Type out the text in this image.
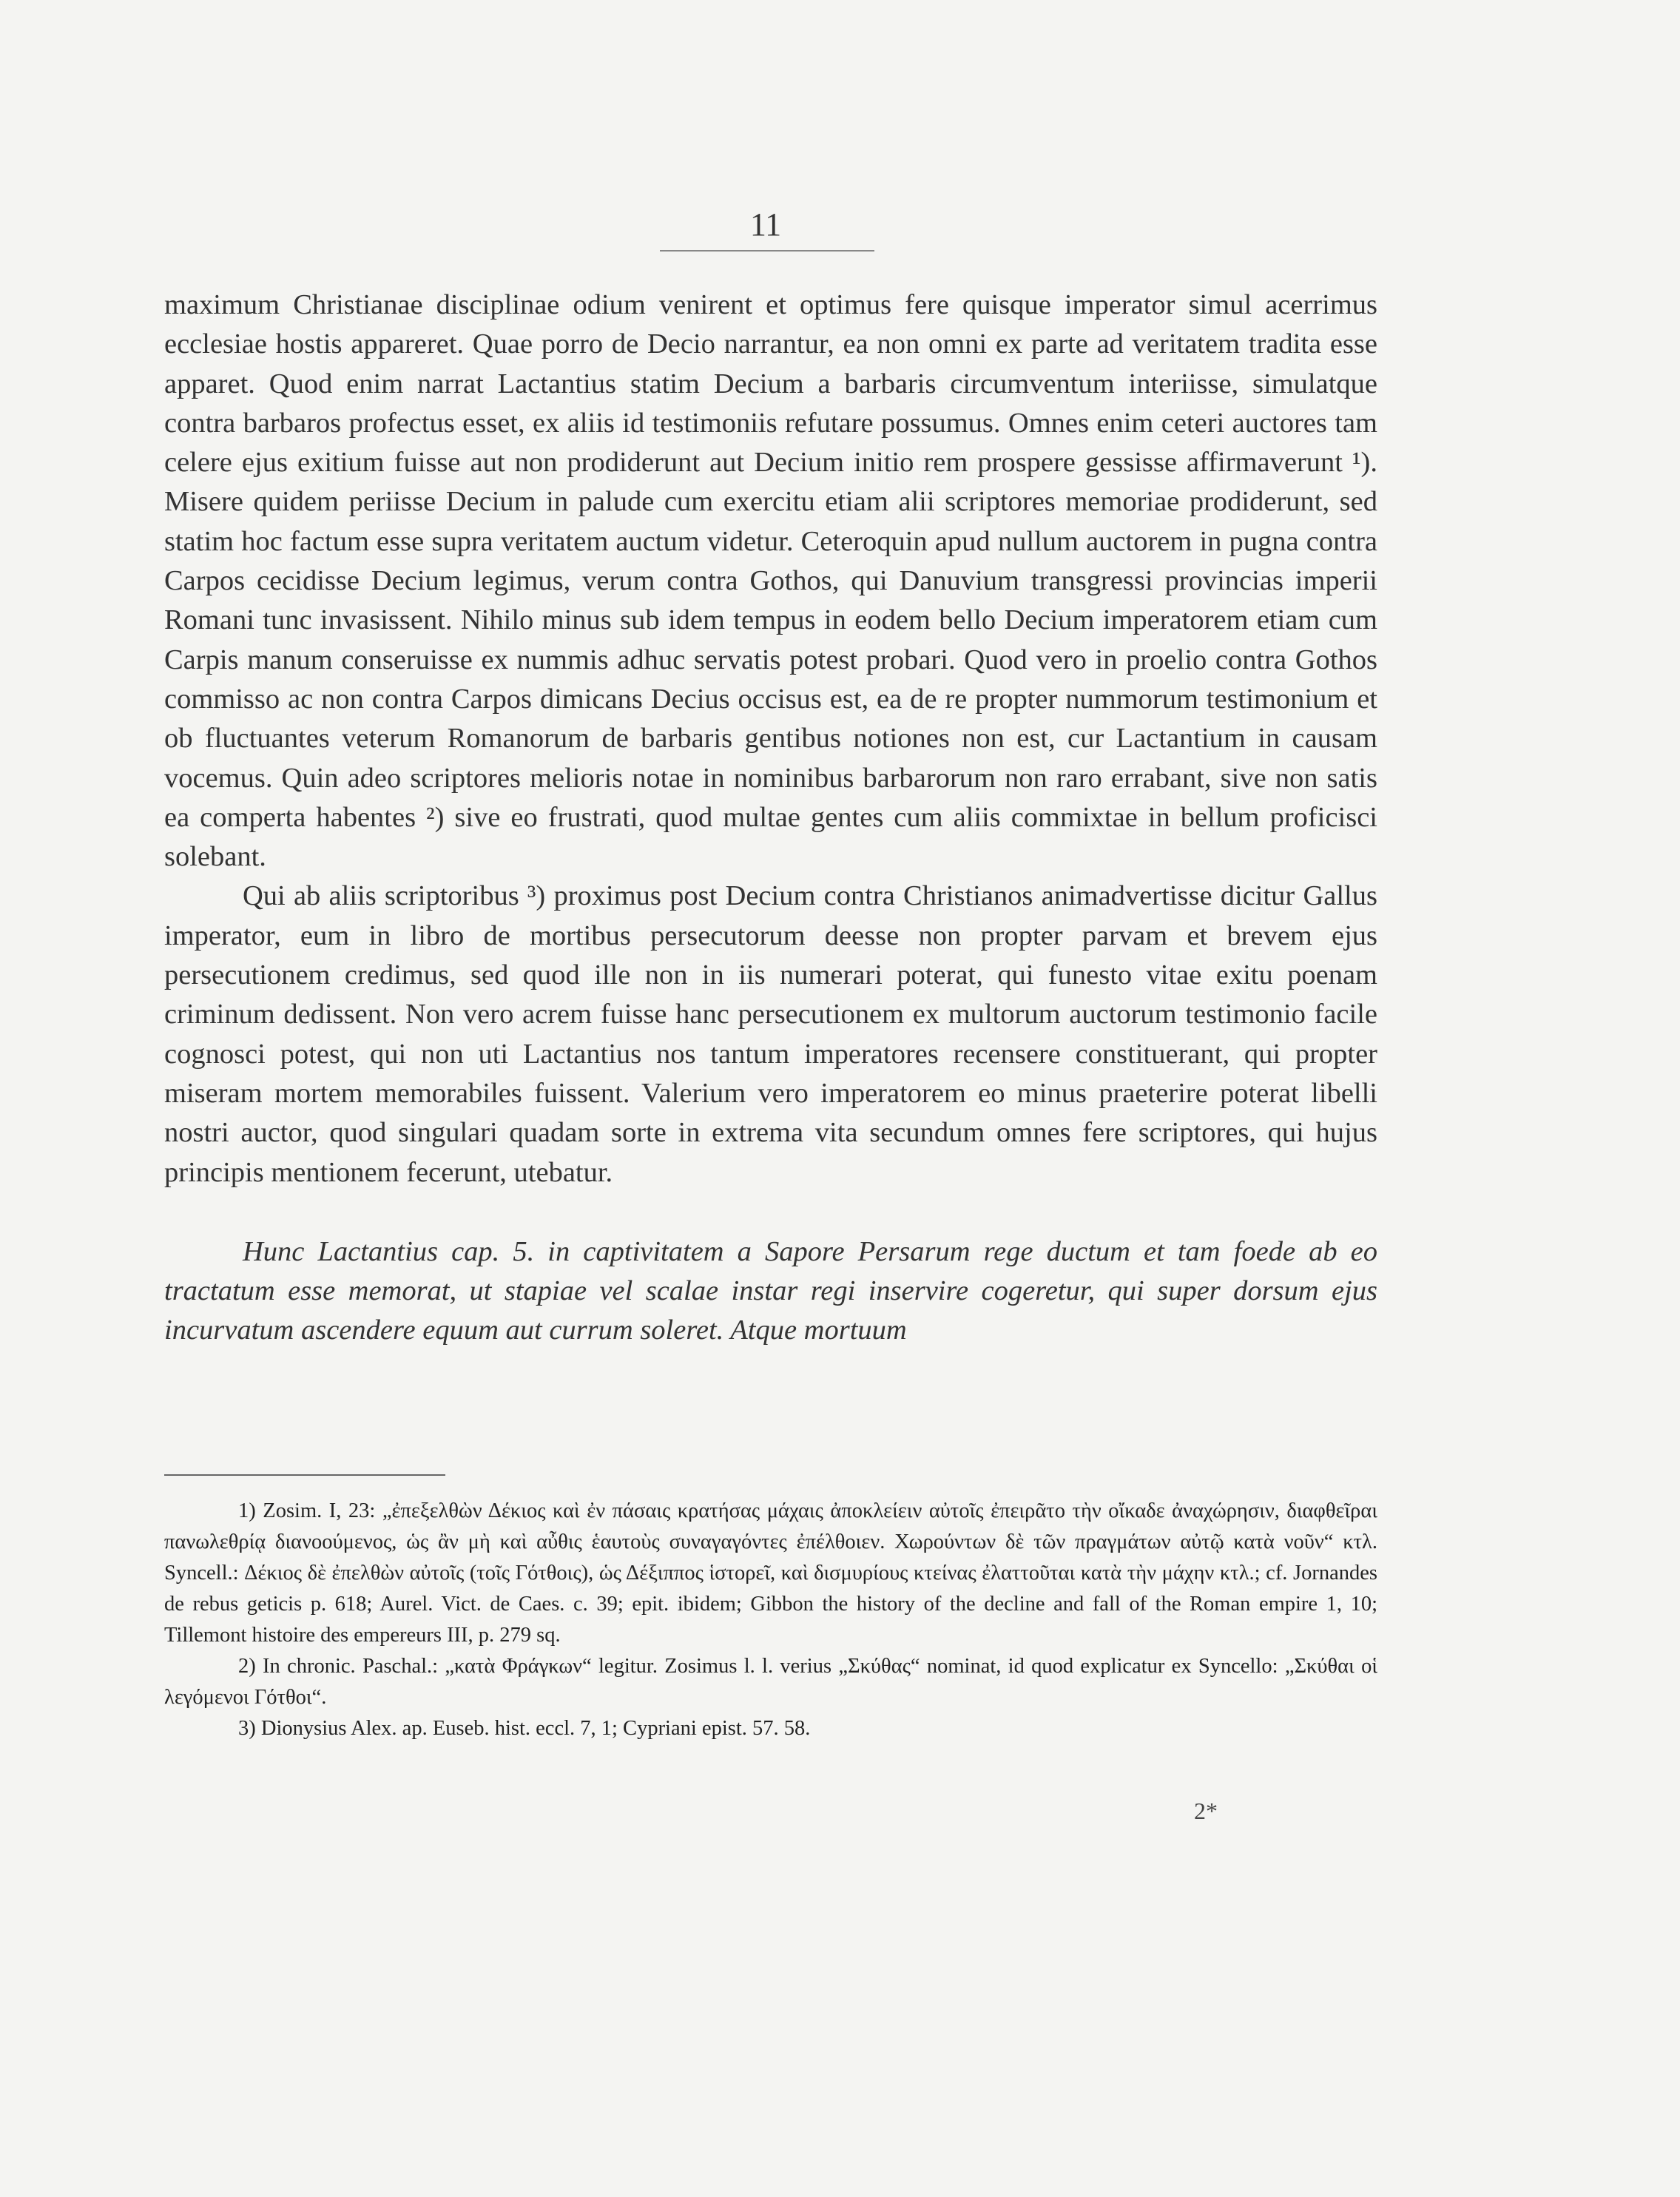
11

maximum Christianae disciplinae odium venirent et optimus fere quisque imperator simul acerrimus ecclesiae hostis appareret. Quae porro de Decio narrantur, ea non omni ex parte ad veritatem tradita esse apparet. Quod enim narrat Lactantius statim Decium a barbaris circumventum interiisse, simulatque contra barbaros profectus esset, ex aliis id testimoniis refutare possumus. Omnes enim ceteri auctores tam celere ejus exitium fuisse aut non prodiderunt aut Decium initio rem prospere gessisse affirmaverunt ¹). Misere quidem periisse Decium in palude cum exercitu etiam alii scriptores memoriae prodiderunt, sed statim hoc factum esse supra veritatem auctum videtur. Ceteroquin apud nullum auctorem in pugna contra Carpos cecidisse Decium legimus, verum contra Gothos, qui Danuvium transgressi provincias imperii Romani tunc invasissent. Nihilo minus sub idem tempus in eodem bello Decium imperatorem etiam cum Carpis manum conseruisse ex nummis adhuc servatis potest probari. Quod vero in proelio contra Gothos commisso ac non contra Carpos dimicans Decius occisus est, ea de re propter nummorum testimonium et ob fluctuantes veterum Romanorum de barbaris gentibus notiones non est, cur Lactantium in causam vocemus. Quin adeo scriptores melioris notae in nominibus barbarorum non raro errabant, sive non satis ea comperta habentes ²) sive eo frustrati, quod multae gentes cum aliis commixtae in bellum proficisci solebant.

Qui ab aliis scriptoribus ³) proximus post Decium contra Christianos animadvertisse dicitur Gallus imperator, eum in libro de mortibus persecutorum deesse non propter parvam et brevem ejus persecutionem credimus, sed quod ille non in iis numerari poterat, qui funesto vitae exitu poenam criminum dedissent. Non vero acrem fuisse hanc persecutionem ex multorum auctorum testimonio facile cognosci potest, qui non uti Lactantius nos tantum imperatores recensere constituerant, qui propter miseram mortem memorabiles fuissent. Valerium vero imperatorem eo minus praeterire poterat libelli nostri auctor, quod singulari quadam sorte in extrema vita secundum omnes fere scriptores, qui hujus principis mentionem fecerunt, utebatur.

Hunc Lactantius cap. 5. in captivitatem a Sapore Persarum rege ductum et tam foede ab eo tractatum esse memorat, ut stapiae vel scalae instar regi inservire cogeretur, qui super dorsum ejus incurvatum ascendere equum aut currum soleret. Atque mortuum

1) Zosim. I, 23: „ἐπεξελθὼν Δέκιος καὶ ἐν πάσαις κρατήσας μάχαις ἀποκλείειν αὐτοῖς ἐπειρᾶτο τὴν οἴκαδε ἀναχώρησιν, διαφθεῖραι πανωλεθρίᾳ διανοούμενος, ὡς ἂν μὴ καὶ αὖθις ἑαυτοὺς συναγαγόντες ἐπέλθοιεν. Χωρούντων δὲ τῶν πραγμάτων αὐτῷ κατὰ νοῦν“ κτλ. Syncell.: Δέκιος δὲ ἐπελθὼν αὐτοῖς (τοῖς Γότθοις), ὡς Δέξιππος ἱστορεῖ, καὶ δισμυρίους κτείνας ἐλαττοῦται κατὰ τὴν μάχην κτλ.; cf. Jornandes de rebus geticis p. 618; Aurel. Vict. de Caes. c. 39; epit. ibidem; Gibbon the history of the decline and fall of the Roman empire 1, 10; Tillemont histoire des empereurs III, p. 279 sq.

2) In chronic. Paschal.: „κατὰ Φράγκων“ legitur. Zosimus l. l. verius „Σκύθας“ nominat, id quod explicatur ex Syncello: „Σκύθαι οἱ λεγόμενοι Γότθοι“.

3) Dionysius Alex. ap. Euseb. hist. eccl. 7, 1; Cypriani epist. 57. 58.

2*
